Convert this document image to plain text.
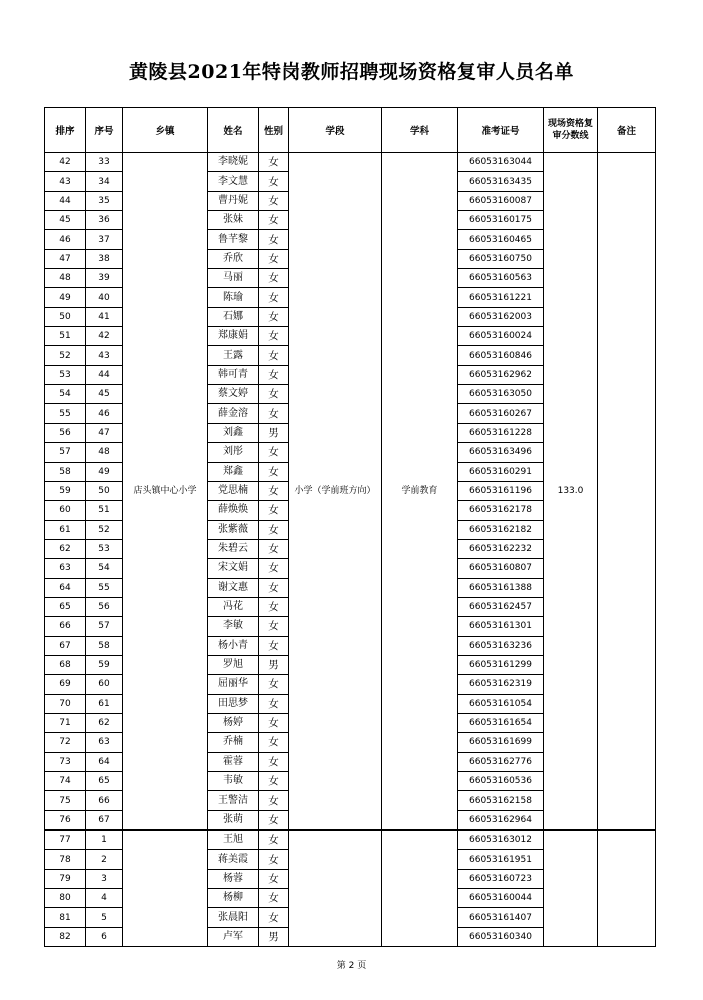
黄陵县2021年特岗教师招聘现场资格复审人员名单
排序	序号	乡镇	姓名	性别	学段	学科	准考证号	现场资格复审分数线	备注
42	33	店头镇中心小学	李晓妮	女	小学（学前班方向）	学前教育	66053163044	133.0	
43	34		李文慧	女			66053163435		
44	35		曹丹妮	女			66053160087		
45	36		张妹	女			66053160175		
46	37		鲁芊黎	女			66053160465		
47	38		乔欣	女			66053160750		
48	39		马丽	女			66053160563		
49	40		陈瑜	女			66053161221		
50	41		石娜	女			66053162003		
51	42		郑康娟	女			66053160024		
52	43		王露	女			66053160846		
53	44		韩可青	女			66053162962		
54	45		蔡文婷	女			66053163050		
55	46		薛金溶	女			66053160267		
56	47		刘鑫	男			66053161228		
57	48		刘彤	女			66053163496		
58	49		郑鑫	女			66053160291		
59	50		党思楠	女			66053161196		
60	51		薛焕焕	女			66053162178		
61	52		张紫薇	女			66053162182		
62	53		朱碧云	女			66053162232		
63	54		宋文娟	女			66053160807		
64	55		谢文惠	女			66053161388		
65	56		冯花	女			66053162457		
66	57		李敏	女			66053161301		
67	58		杨小青	女			66053163236		
68	59		罗旭	男			66053161299		
69	60		屈丽华	女			66053162319		
70	61		田思梦	女			66053161054		
71	62		杨婷	女			66053161654		
72	63		乔楠	女			66053161699		
73	64		霍蓉	女			66053162776		
74	65		韦敏	女			66053160536		
75	66		王警洁	女			66053162158		
76	67		张萌	女			66053162964		
77	1		王旭	女			66053163012		
78	2		蒋美霞	女			66053161951		
79	3		杨蓉	女			66053160723		
80	4		杨柳	女			66053160044		
81	5		张晨阳	女			66053161407		
82	6		卢军	男			66053160340		
第 2 页
